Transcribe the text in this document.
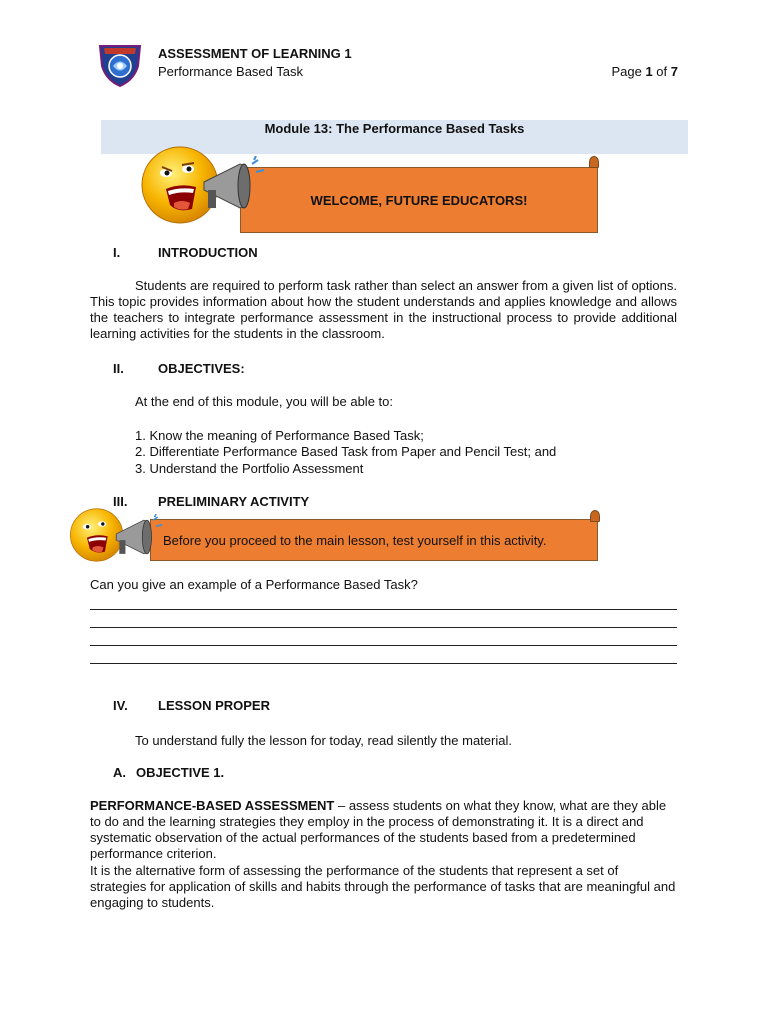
ASSESSMENT OF LEARNING 1
Performance Based Task	Page 1 of 7
Module 13: The Performance Based Tasks
WELCOME, FUTURE EDUCATORS!
I.	INTRODUCTION
Students are required to perform task rather than select an answer from a given list of options. This topic provides information about how the student understands and applies knowledge and allows the teachers to integrate performance assessment in the instructional process to provide additional learning activities for the students in the classroom.
II.	OBJECTIVES:
At the end of this module, you will be able to:
1. Know the meaning of Performance Based Task;
2. Differentiate Performance Based Task from Paper and Pencil Test; and
3. Understand the Portfolio Assessment
III. PRELIMINARY ACTIVITY
Before you proceed to the main lesson, test yourself in this activity.
Can you give an example of a Performance Based Task?
IV. LESSON PROPER
To understand fully the lesson for today, read silently the material.
A. OBJECTIVE 1.
PERFORMANCE-BASED ASSESSMENT – assess students on what they know, what are they able to do and the learning strategies they employ in the process of demonstrating it. It is a direct and systematic observation of the actual performances of the students based from a predetermined performance criterion.
It is the alternative form of assessing the performance of the students that represent a set of strategies for application of skills and habits through the performance of tasks that are meaningful and engaging to students.
